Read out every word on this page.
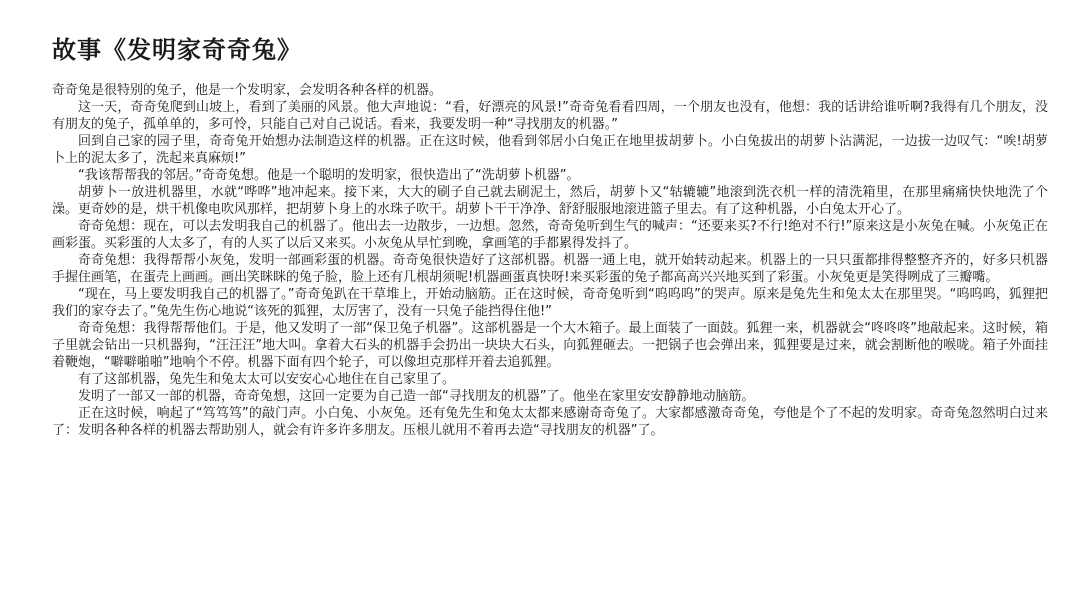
故事《发明家奇奇兔》

奇奇兔是很特别的兔子，他是一个发明家，会发明各种各样的机器。

这一天，奇奇兔爬到山坡上，看到了美丽的风景。他大声地说：“看，好漂亮的风景!”奇奇兔看看四周，一个朋友也没有，他想：我的话讲给谁听啊?我得有几个朋友，没有朋友的兔子，孤单单的，多可怜，只能自己对自己说话。看来，我要发明一种“寻找朋友的机器。”

回到自己家的园子里，奇奇兔开始想办法制造这样的机器。正在这时候，他看到邻居小白兔正在地里拔胡萝卜。小白兔拔出的胡萝卜沾满泥，一边拔一边叹气：“唉!胡萝卜上的泥太多了，洗起来真麻烦!”

“我该帮帮我的邻居。”奇奇兔想。他是一个聪明的发明家，很快造出了“洗胡萝卜机器”。

胡萝卜一放进机器里，水就“哗哗”地冲起来。接下来，大大的刷子自己就去刷泥土，然后，胡萝卜又“轱辘辘”地滚到洗衣机一样的清洗箱里，在那里痛痛快快地洗了个澡。更奇妙的是，烘干机像电吹风那样，把胡萝卜身上的水珠子吹干。胡萝卜干干净净、舒舒服服地滚进篮子里去。有了这种机器，小白兔太开心了。

奇奇兔想：现在，可以去发明我自己的机器了。他出去一边散步，一边想。忽然，奇奇兔听到生气的喊声：“还要来买?不行!绝对不行!”原来这是小灰兔在喊。小灰兔正在画彩蛋。买彩蛋的人太多了，有的人买了以后又来买。小灰兔从早忙到晚，拿画笔的手都累得发抖了。

奇奇兔想：我得帮帮小灰兔，发明一部画彩蛋的机器。奇奇兔很快造好了这部机器。机器一通上电，就开始转动起来。机器上的一只只蛋都排得整整齐齐的，好多只机器手握住画笔，在蛋壳上画画。画出笑眯眯的兔子脸，脸上还有几根胡须呢!机器画蛋真快呀!来买彩蛋的兔子都高高兴兴地买到了彩蛋。小灰兔更是笑得咧成了三瓣嘴。

“现在，马上要发明我自己的机器了。”奇奇兔趴在干草堆上，开始动脑筋。正在这时候，奇奇兔听到“呜呜呜”的哭声。原来是兔先生和兔太太在那里哭。“呜呜呜，狐狸把我们的家夺去了。”兔先生伤心地说“该死的狐狸，太厉害了，没有一只兔子能挡得住他!”

奇奇兔想：我得帮帮他们。于是，他又发明了一部“保卫兔子机器”。这部机器是一个大木箱子。最上面装了一面鼓。狐狸一来，机器就会“咚咚咚”地敲起来。这时候，箱子里就会钻出一只机器狗，“汪汪汪”地大叫。拿着大石头的机器手会扔出一块块大石头，向狐狸砸去。一把锅子也会弹出来，狐狸要是过来，就会割断他的喉咙。箱子外面挂着鞭炮，“噼噼啪啪”地响个不停。机器下面有四个轮子，可以像坦克那样开着去追狐狸。

有了这部机器，兔先生和兔太太可以安安心心地住在自己家里了。

发明了一部又一部的机器，奇奇兔想，这回一定要为自己造一部“寻找朋友的机器”了。他坐在家里安安静静地动脑筋。

正在这时候，响起了“笃笃笃”的敲门声。小白兔、小灰兔。还有兔先生和兔太太都来感谢奇奇兔了。大家都感激奇奇兔，夸他是个了不起的发明家。奇奇兔忽然明白过来了：发明各种各样的机器去帮助别人，就会有许多许多朋友。压根儿就用不着再去造“寻找朋友的机器”了。
